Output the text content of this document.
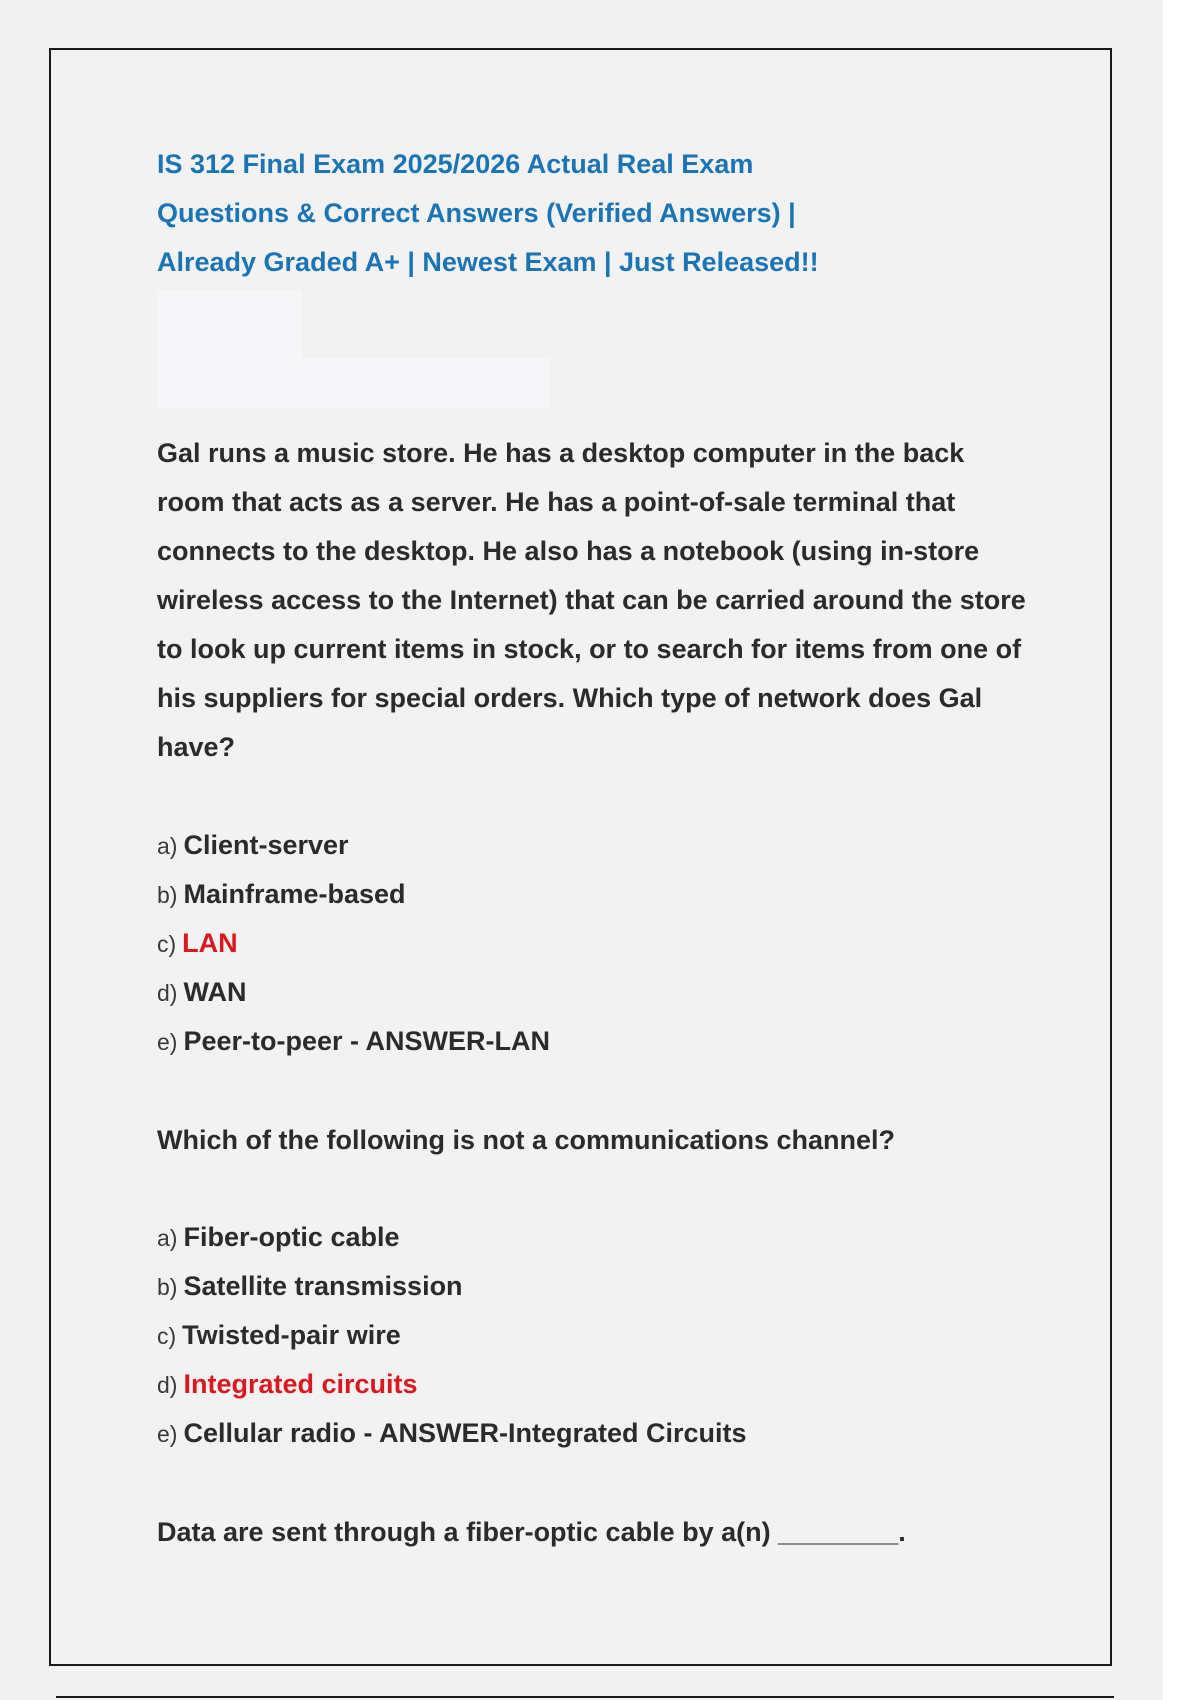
IS 312 Final Exam 2025/2026 Actual Real Exam
Questions & Correct Answers (Verified Answers) |
Already Graded A+ | Newest Exam | Just Released!!
Gal runs a music store. He has a desktop computer in the back room that acts as a server. He has a point-of-sale terminal that connects to the desktop. He also has a notebook (using in-store wireless access to the Internet) that can be carried around the store to look up current items in stock, or to search for items from one of his suppliers for special orders. Which type of network does Gal have?
a) Client-server
b) Mainframe-based
c) LAN
d) WAN
e) Peer-to-peer - ANSWER-LAN
Which of the following is not a communications channel?
a) Fiber-optic cable
b) Satellite transmission
c) Twisted-pair wire
d) Integrated circuits
e) Cellular radio - ANSWER-Integrated Circuits
Data are sent through a fiber-optic cable by a(n) ________.
